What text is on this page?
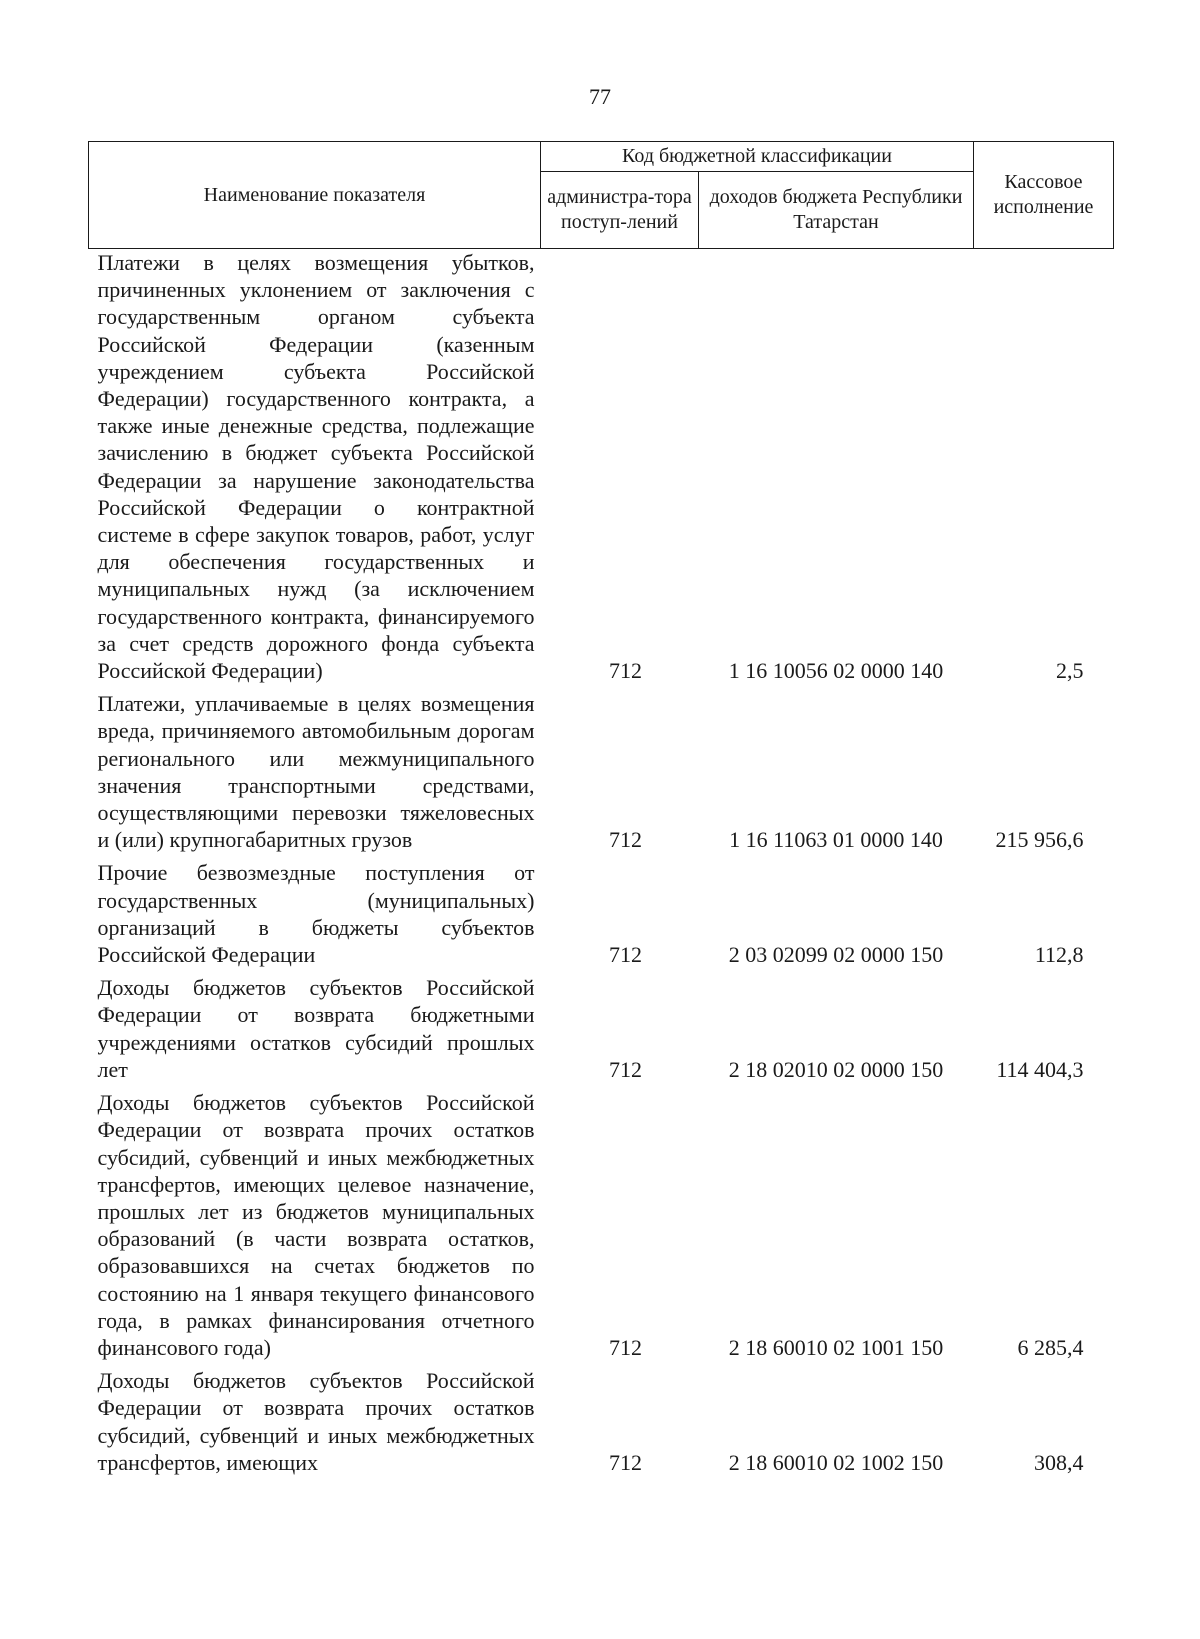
77
Наименование показателя	Код бюджетной классификации		Кассовое исполнение
	администра-тора поступ-лений	доходов бюджета Республики Татарстан	
Платежи в целях возмещения убытков, причиненных уклонением от заключения с государственным органом субъекта Российской Федерации (казенным учреждением субъекта Российской Федерации) государственного контракта, а также иные денежные средства, подлежащие зачислению в бюджет субъекта Российской Федерации за нарушение законодательства Российской Федерации о контрактной системе в сфере закупок товаров, работ, услуг для обеспечения государственных и муниципальных нужд (за исключением государственного контракта, финансируемого за счет средств дорожного фонда субъекта Российской Федерации)	712	1 16 10056 02 0000 140	2,5
Платежи, уплачиваемые в целях возмещения вреда, причиняемого автомобильным дорогам регионального или межмуниципального значения транспортными средствами, осуществляющими перевозки тяжеловесных и (или) крупногабаритных грузов	712	1 16 11063 01 0000 140	215 956,6
Прочие безвозмездные поступления от государственных (муниципальных) организаций в бюджеты субъектов Российской Федерации	712	2 03 02099 02 0000 150	112,8
Доходы бюджетов субъектов Российской Федерации от возврата бюджетными учреждениями остатков субсидий прошлых лет	712	2 18 02010 02 0000 150	114 404,3
Доходы бюджетов субъектов Российской Федерации от возврата прочих остатков субсидий, субвенций и иных межбюджетных трансфертов, имеющих целевое назначение, прошлых лет из бюджетов муниципальных образований (в части возврата остатков, образовавшихся на счетах бюджетов по состоянию на 1 января текущего финансового года, в рамках финансирования отчетного финансового года)	712	2 18 60010 02 1001 150	6 285,4
Доходы бюджетов субъектов Российской Федерации от возврата прочих остатков субсидий, субвенций и иных межбюджетных трансфертов, имеющих	712	2 18 60010 02 1002 150	308,4
